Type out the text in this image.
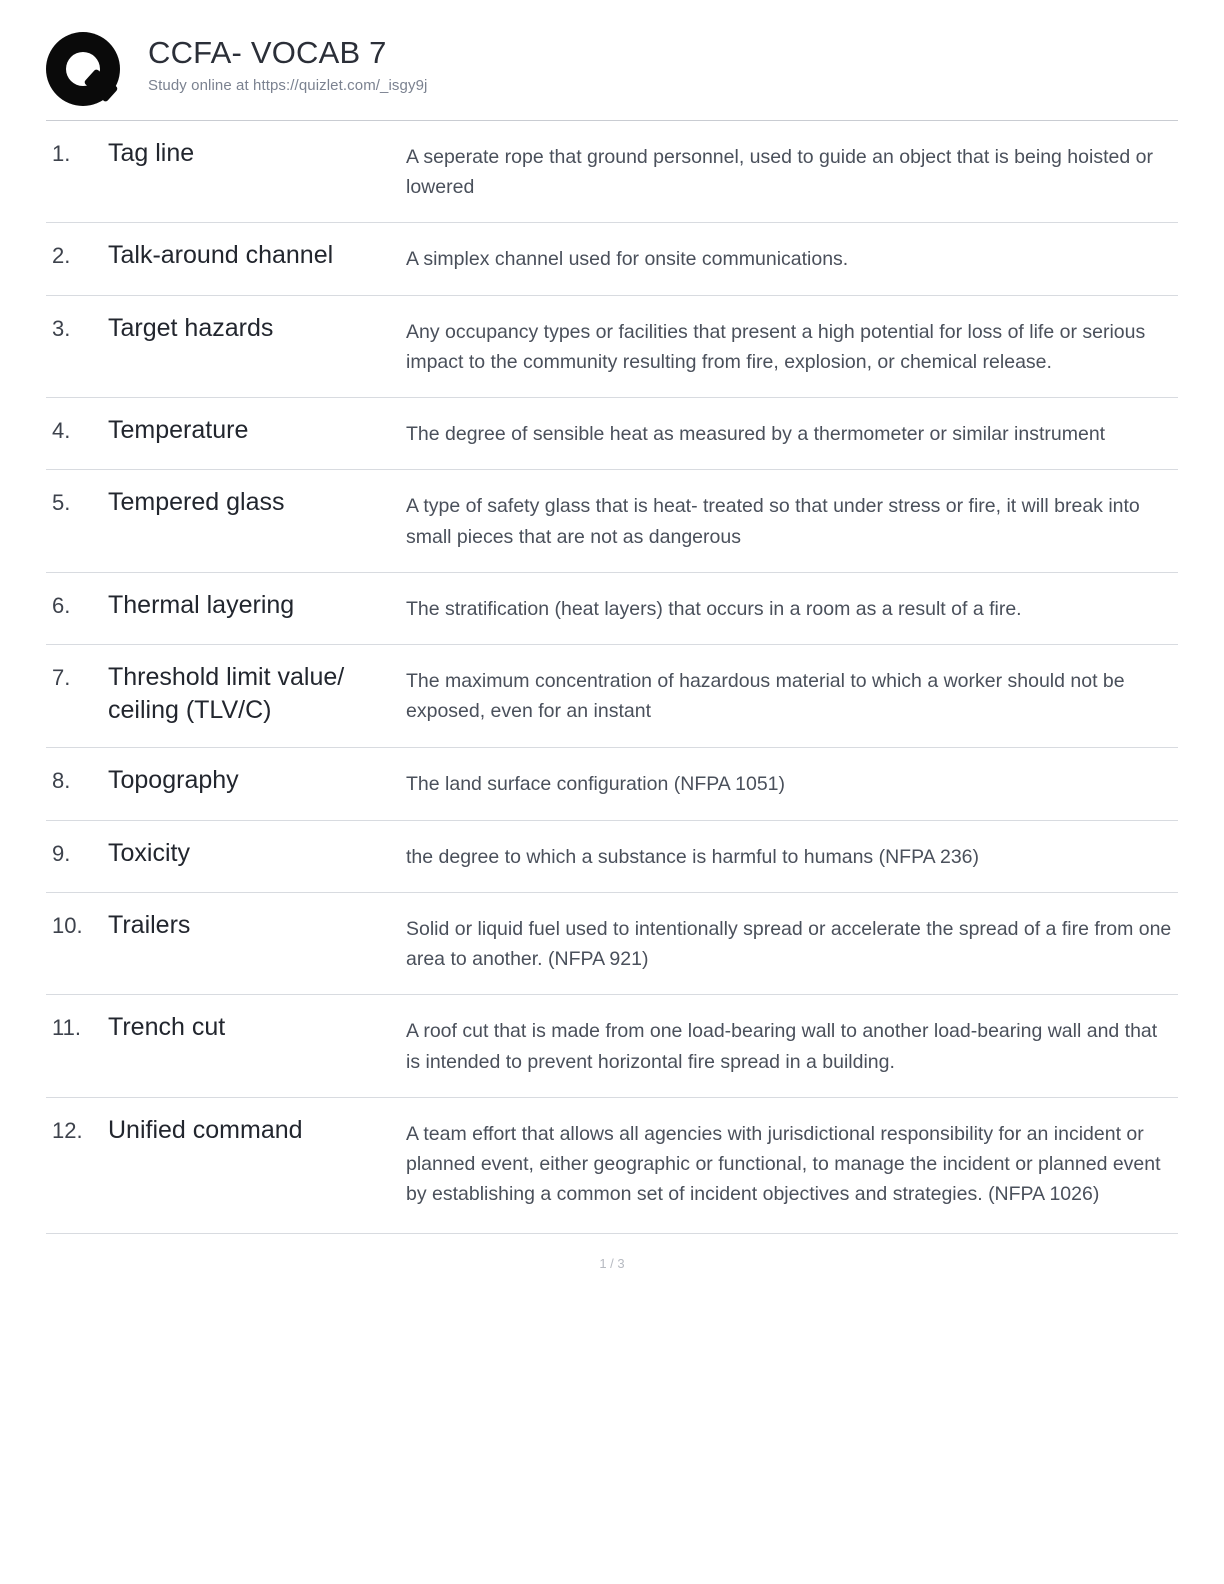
CCFA- VOCAB 7
Study online at https://quizlet.com/_isgy9j
1.	Tag line	A seperate rope that ground personnel, used to guide an object that is being hoisted or lowered
2.	Talk-around channel	A simplex channel used for onsite communications.
3.	Target hazards	Any occupancy types or facilities that present a high potential for loss of life or serious impact to the community resulting from fire, explosion, or chemical release.
4.	Temperature	The degree of sensible heat as measured by a thermometer or similar instrument
5.	Tempered glass	A type of safety glass that is heat- treated so that under stress or fire, it will break into small pieces that are not as dangerous
6.	Thermal layering	The stratification (heat layers) that occurs in a room as a result of a fire.
7.	Threshold limit value/ ceiling (TLV/C)	The maximum concentration of hazardous material to which a worker should not be exposed, even for an instant
8.	Topography	The land surface configuration (NFPA 1051)
9.	Toxicity	the degree to which a substance is harmful to humans (NFPA 236)
10.	Trailers	Solid or liquid fuel used to intentionally spread or accelerate the spread of a fire from one area to another. (NFPA 921)
11.	Trench cut	A roof cut that is made from one load-bearing wall to another load-bearing wall and that is intended to prevent horizontal fire spread in a building.
12.	Unified command	A team effort that allows all agencies with jurisdictional responsibility for an incident or planned event, either geographic or functional, to manage the incident or planned event by establishing a common set of incident objectives and strategies. (NFPA 1026)
1 / 3
